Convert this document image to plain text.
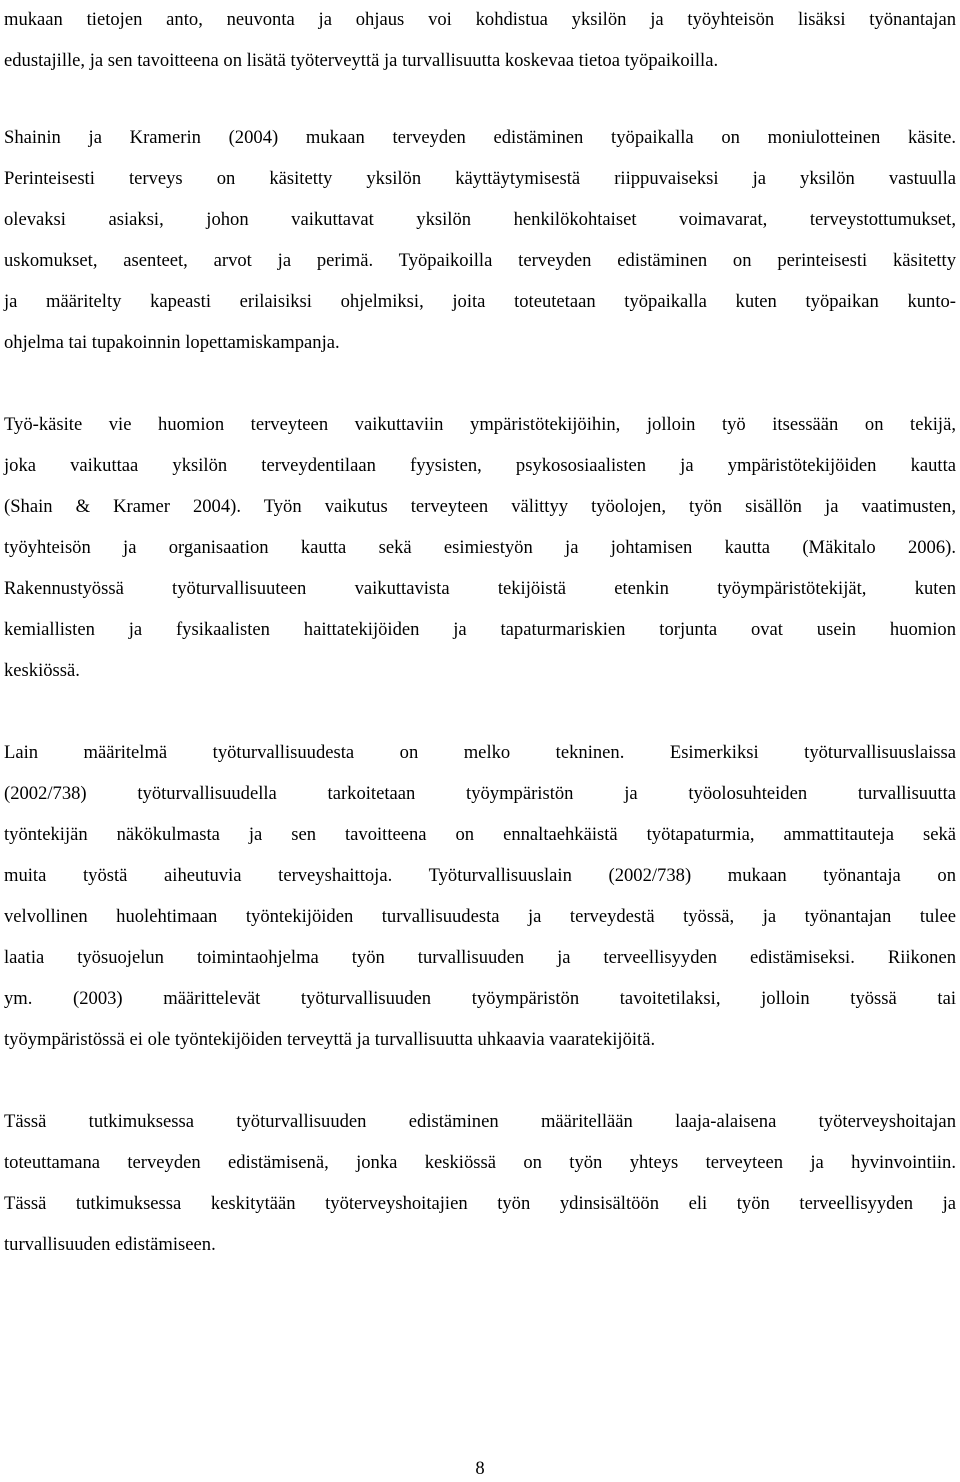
mukaan tietojen anto, neuvonta ja ohjaus voi kohdistua yksilön ja työyhteisön lisäksi työnantajan
edustajille, ja sen tavoitteena on lisätä työterveyttä ja turvallisuutta koskevaa tietoa työpaikoilla.

Shainin ja Kramerin (2004) mukaan terveyden edistäminen työpaikalla on moniulotteinen käsite.
Perinteisesti terveys on käsitetty yksilön käyttäytymisestä riippuvaiseksi ja yksilön vastuulla
olevaksi asiaksi, johon vaikuttavat yksilön henkilökohtaiset voimavarat, terveystottumukset,
uskomukset, asenteet, arvot ja perimä. Työpaikoilla terveyden edistäminen on perinteisesti käsitetty
ja määritelty kapeasti erilaisiksi ohjelmiksi, joita toteutetaan työpaikalla kuten työpaikan kunto-
ohjelma tai tupakoinnin lopettamiskampanja.

Työ-käsite vie huomion terveyteen vaikuttaviin ympäristötekijöihin, jolloin työ itsessään on tekijä,
joka vaikuttaa yksilön terveydentilaan fyysisten, psykososiaalisten ja ympäristötekijöiden kautta
(Shain & Kramer 2004). Työn vaikutus terveyteen välittyy työolojen, työn sisällön ja vaatimusten,
työyhteisön ja organisaation kautta sekä esimiestyön ja johtamisen kautta (Mäkitalo 2006).
Rakennustyössä työturvallisuuteen vaikuttavista tekijöistä etenkin työympäristötekijät, kuten
kemiallisten ja fysikaalisten haittatekijöiden ja tapaturmariskien torjunta ovat usein huomion
keskiössä.

Lain määritelmä työturvallisuudesta on melko tekninen. Esimerkiksi työturvallisuuslaissa
(2002/738) työturvallisuudella tarkoitetaan työympäristön ja työolosuhteiden turvallisuutta
työntekijän näkökulmasta ja sen tavoitteena on ennaltaehkäistä työtapaturmia, ammattitauteja sekä
muita työstä aiheutuvia terveyshaittoja. Työturvallisuuslain (2002/738) mukaan työnantaja on
velvollinen huolehtimaan työntekijöiden turvallisuudesta ja terveydestä työssä, ja työnantajan tulee
laatia työsuojelun toimintaohjelma työn turvallisuuden ja terveellisyyden edistämiseksi. Riikonen
ym. (2003) määrittelevät työturvallisuuden työympäristön tavoitetilaksi, jolloin työssä tai
työympäristössä ei ole työntekijöiden terveyttä ja turvallisuutta uhkaavia vaaratekijöitä.

Tässä tutkimuksessa työturvallisuuden edistäminen määritellään laaja-alaisena työterveyshoitajan
toteuttamana terveyden edistämisenä, jonka keskiössä on työn yhteys terveyteen ja hyvinvointiin.
Tässä tutkimuksessa keskitytään työterveyshoitajien työn ydinsisältöön eli työn terveellisyyden ja
turvallisuuden edistämiseen.

8
